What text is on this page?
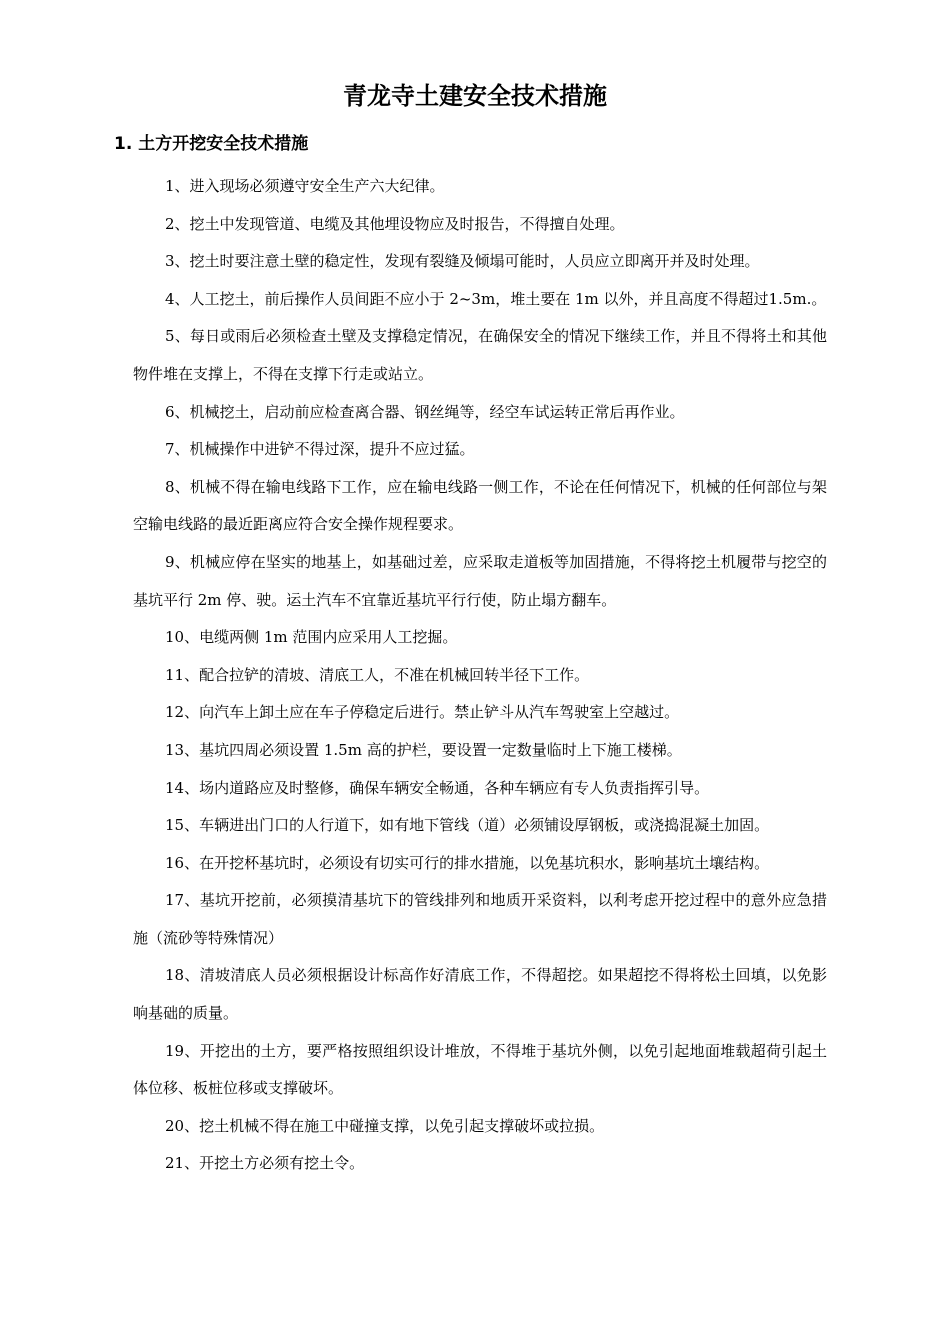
青龙寺土建安全技术措施
1. 土方开挖安全技术措施
1、进入现场必须遵守安全生产六大纪律。
2、挖土中发现管道、电缆及其他埋设物应及时报告，不得擅自处理。
3、挖土时要注意土壁的稳定性，发现有裂缝及倾塌可能时，人员应立即离开并及时处理。
4、人工挖土，前后操作人员间距不应小于 2~3m，堆土要在 1m 以外，并且高度不得超过1.5m.。
5、每日或雨后必须检查土壁及支撑稳定情况，在确保安全的情况下继续工作，并且不得将土和其他物件堆在支撑上，不得在支撑下行走或站立。
6、机械挖土，启动前应检查离合器、钢丝绳等，经空车试运转正常后再作业。
7、机械操作中进铲不得过深，提升不应过猛。
8、机械不得在输电线路下工作，应在输电线路一侧工作，不论在任何情况下，机械的任何部位与架空输电线路的最近距离应符合安全操作规程要求。
9、机械应停在坚实的地基上，如基础过差，应采取走道板等加固措施，不得将挖土机履带与挖空的基坑平行 2m 停、驶。运土汽车不宜靠近基坑平行行使，防止塌方翻车。
10、电缆两侧 1m 范围内应采用人工挖掘。
11、配合拉铲的清坡、清底工人，不准在机械回转半径下工作。
12、向汽车上卸土应在车子停稳定后进行。禁止铲斗从汽车驾驶室上空越过。
13、基坑四周必须设置 1.5m 高的护栏，要设置一定数量临时上下施工楼梯。
14、场内道路应及时整修，确保车辆安全畅通，各种车辆应有专人负责指挥引导。
15、车辆进出门口的人行道下，如有地下管线（道）必须铺设厚钢板，或浇捣混凝土加固。
16、在开挖杯基坑时，必须设有切实可行的排水措施，以免基坑积水，影响基坑土壤结构。
17、基坑开挖前，必须摸清基坑下的管线排列和地质开采资料，以利考虑开挖过程中的意外应急措施（流砂等特殊情况）
18、清坡清底人员必须根据设计标高作好清底工作，不得超挖。如果超挖不得将松土回填，以免影响基础的质量。
19、开挖出的土方，要严格按照组织设计堆放，不得堆于基坑外侧，以免引起地面堆载超荷引起土体位移、板桩位移或支撑破坏。
20、挖土机械不得在施工中碰撞支撑，以免引起支撑破坏或拉损。
21、开挖土方必须有挖土令。
